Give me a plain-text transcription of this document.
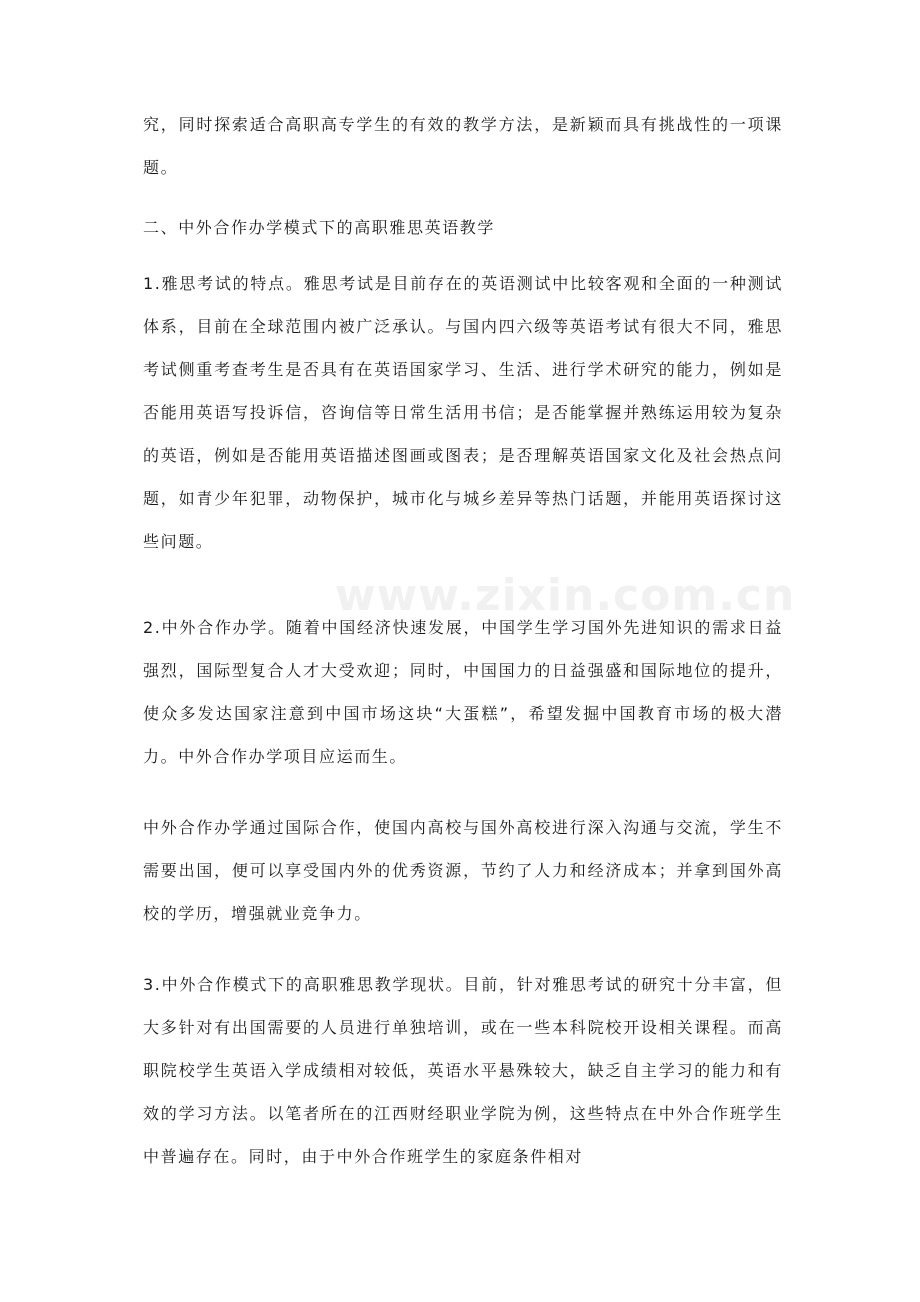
www.zixin.com.cn

究，同时探索适合高职高专学生的有效的教学方法，是新颖而具有挑战性的一项课题。

二、中外合作办学模式下的高职雅思英语教学

1.雅思考试的特点。雅思考试是目前存在的英语测试中比较客观和全面的一种测试体系，目前在全球范围内被广泛承认。与国内四六级等英语考试有很大不同，雅思考试侧重考查考生是否具有在英语国家学习、生活、进行学术研究的能力，例如是否能用英语写投诉信，咨询信等日常生活用书信；是否能掌握并熟练运用较为复杂的英语，例如是否能用英语描述图画或图表；是否理解英语国家文化及社会热点问题，如青少年犯罪，动物保护，城市化与城乡差异等热门话题，并能用英语探讨这些问题。

2.中外合作办学。随着中国经济快速发展，中国学生学习国外先进知识的需求日益强烈，国际型复合人才大受欢迎；同时，中国国力的日益强盛和国际地位的提升，使众多发达国家注意到中国市场这块“大蛋糕”，希望发掘中国教育市场的极大潜力。中外合作办学项目应运而生。

中外合作办学通过国际合作，使国内高校与国外高校进行深入沟通与交流，学生不需要出国，便可以享受国内外的优秀资源，节约了人力和经济成本；并拿到国外高校的学历，增强就业竞争力。

3.中外合作模式下的高职雅思教学现状。目前，针对雅思考试的研究十分丰富，但大多针对有出国需要的人员进行单独培训，或在一些本科院校开设相关课程。而高职院校学生英语入学成绩相对较低，英语水平悬殊较大，缺乏自主学习的能力和有效的学习方法。以笔者所在的江西财经职业学院为例，这些特点在中外合作班学生中普遍存在。同时，由于中外合作班学生的家庭条件相对
